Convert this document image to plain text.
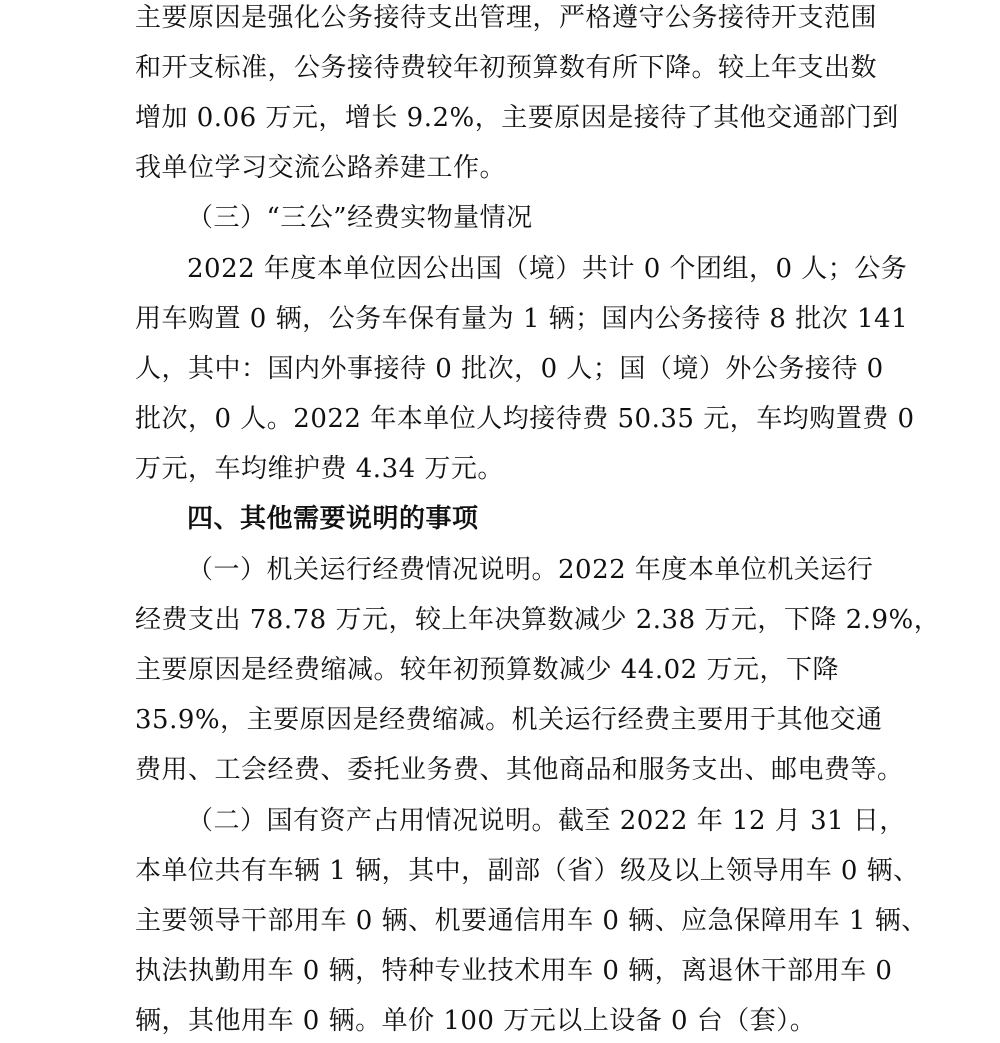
主要原因是强化公务接待支出管理，严格遵守公务接待开支范围
和开支标准，公务接待费较年初预算数有所下降。较上年支出数
增加 0.06 万元，增长 9.2%，主要原因是接待了其他交通部门到
我单位学习交流公路养建工作。
（三）“三公”经费实物量情况
2022 年度本单位因公出国（境）共计 0 个团组，0 人；公务
用车购置 0 辆，公务车保有量为 1 辆；国内公务接待 8 批次 141
人，其中：国内外事接待 0 批次，0 人；国（境）外公务接待 0
批次，0 人。2022 年本单位人均接待费 50.35 元，车均购置费 0
万元，车均维护费 4.34 万元。
四、其他需要说明的事项
（一）机关运行经费情况说明。2022 年度本单位机关运行
经费支出 78.78 万元，较上年决算数减少 2.38 万元，下降 2.9%，
主要原因是经费缩减。较年初预算数减少 44.02 万元，下降
35.9%，主要原因是经费缩减。机关运行经费主要用于其他交通
费用、工会经费、委托业务费、其他商品和服务支出、邮电费等。
（二）国有资产占用情况说明。截至 2022 年 12 月 31 日，
本单位共有车辆 1 辆，其中，副部（省）级及以上领导用车 0 辆、
主要领导干部用车 0 辆、机要通信用车 0 辆、应急保障用车 1 辆、
执法执勤用车 0 辆，特种专业技术用车 0 辆，离退休干部用车 0
辆，其他用车 0 辆。单价 100 万元以上设备 0 台（套）。
